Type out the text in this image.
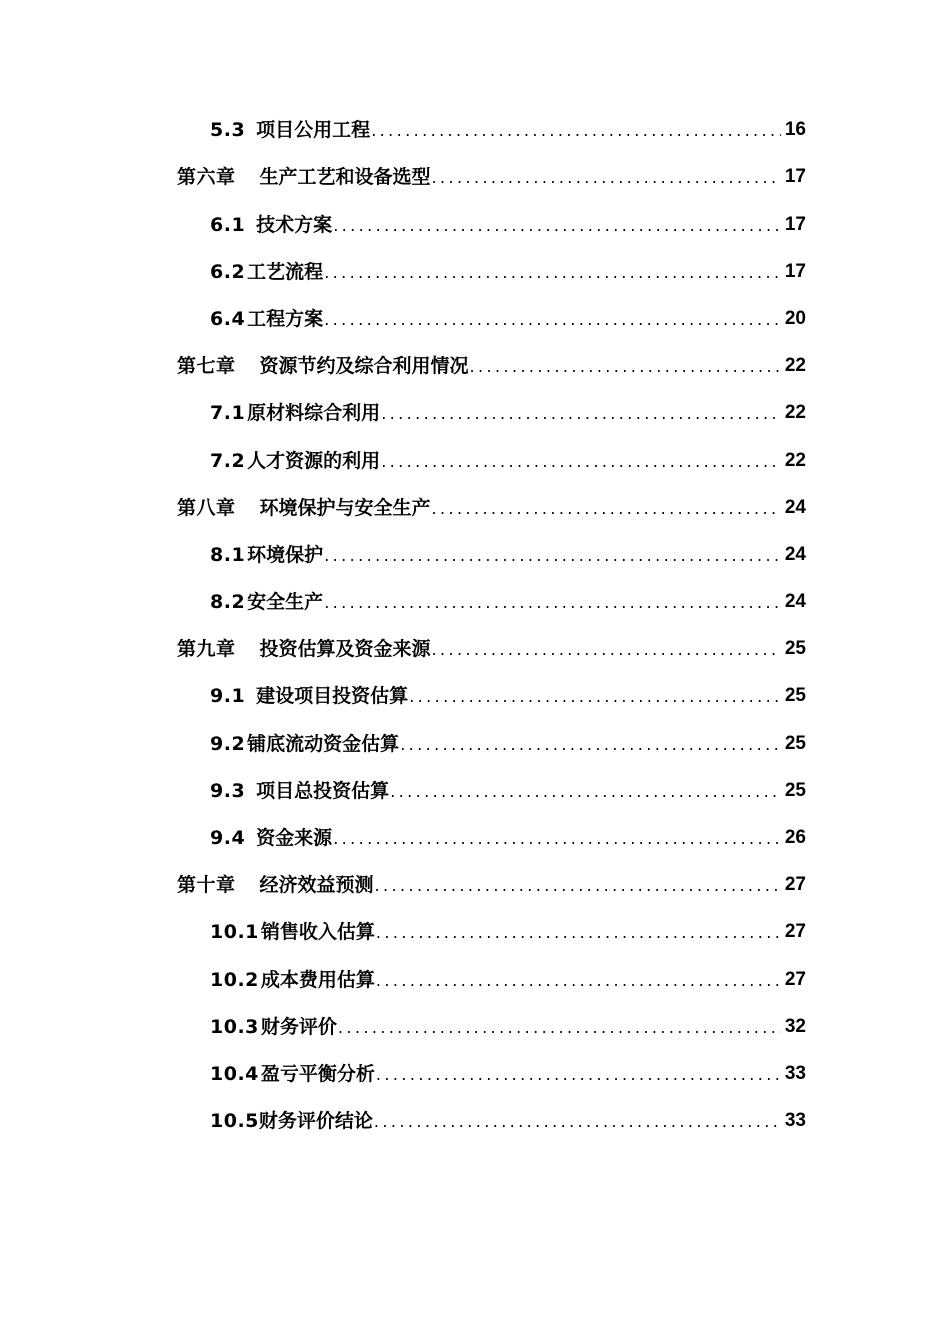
5.3 项目公用工程 .....	16
第六章 生产工艺和设备选型 .....	17
6.1 技术方案 .....	17
6.2 工艺流程 .....	17
6.4 工程方案 .....	20
第七章 资源节约及综合利用情况 .....	22
7.1 原材料综合利用 .....	22
7.2 人才资源的利用 .....	22
第八章 环境保护与安全生产 .....	24
8.1 环境保护 .....	24
8.2 安全生产 .....	24
第九章 投资估算及资金来源 .....	25
9.1 建设项目投资估算 .....	25
9.2 铺底流动资金估算 .....	25
9.3 项目总投资估算 .....	25
9.4 资金来源 .....	26
第十章 经济效益预测 .....	27
10.1 销售收入估算 .....	27
10.2 成本费用估算 .....	27
10.3 财务评价 .....	32
10.4 盈亏平衡分析 .....	33
10.5 财务评价结论 .....	33
